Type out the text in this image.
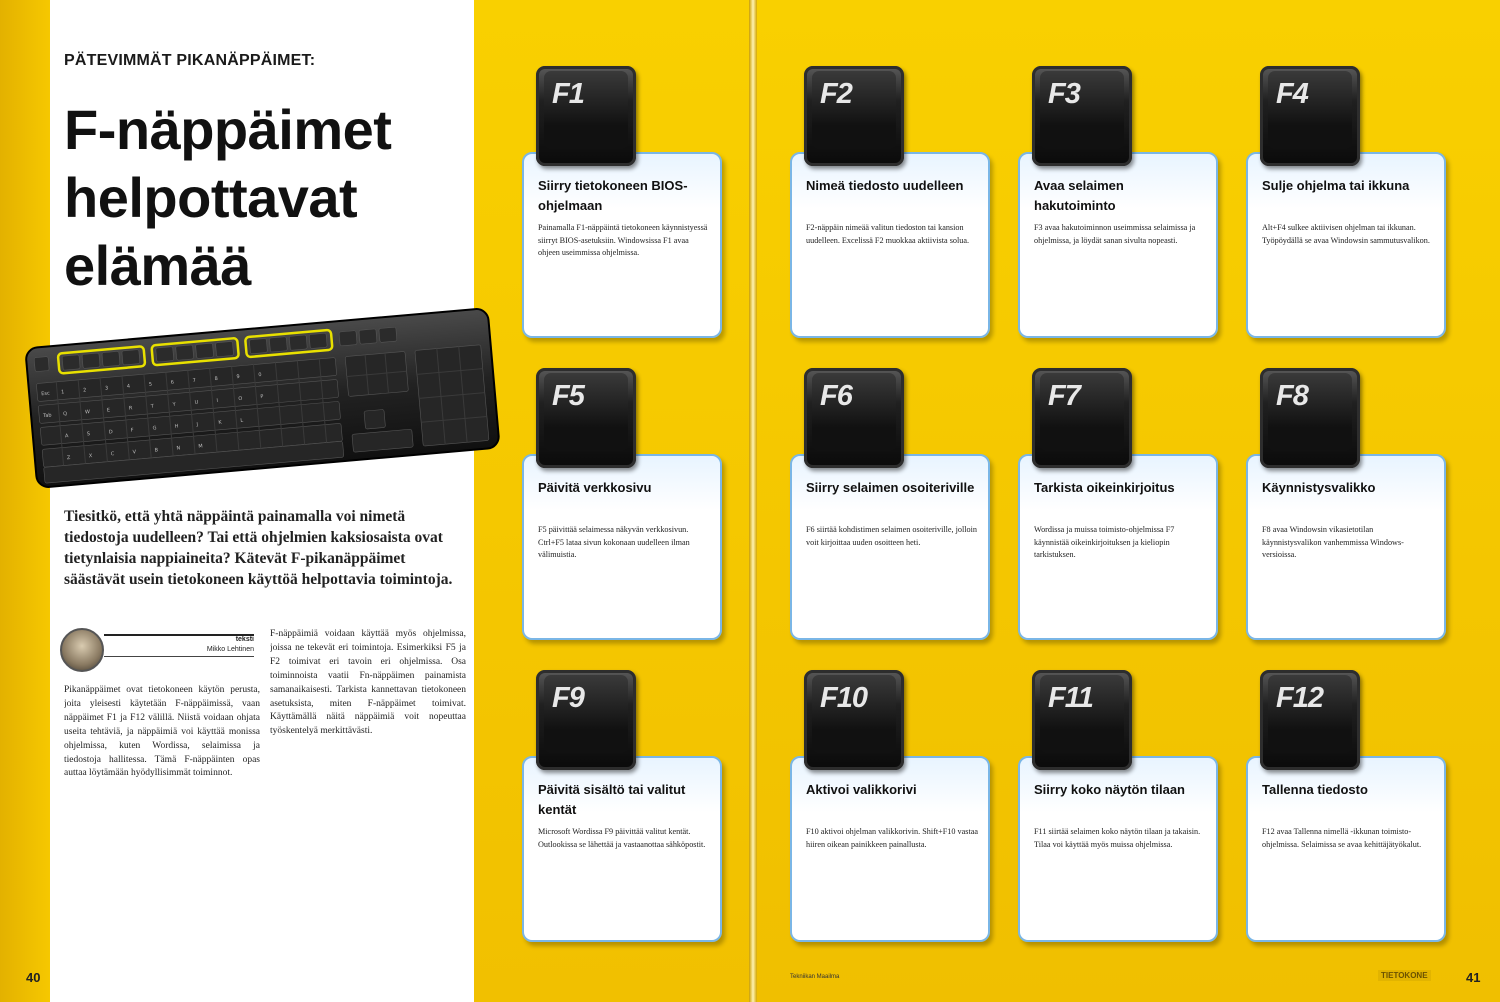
PÄTEVIMMÄT PIKANÄPPÄIMET:
F-näppäimet helpottavat elämää
Esc 1	2	3	4	5	6	7	8	9	0
Tab Q	W	E	R	T	Y	U	I	O	P
A	S	D	F	G	H	J	K	L
Z	X	C	V	B	N	M
Tiesitkö, että yhtä näppäintä painamalla voi nimetä tiedostoja uudelleen? Tai että ohjelmien kaksiosaista ovat tietynlaisia nappiaineita? Kätevät F-pikanäppäimet säästävät usein tietokoneen käyttöä helpottavia toimintoja.
teksti
Mikko Lehtinen
Pikanäppäimet ovat tietokoneen käytön perusta, joita yleisesti käytetään F-näppäimissä, vaan näppäimet F1 ja F12 välillä. Niistä voidaan ohjata useita tehtäviä, ja näppäimiä voi käyttää monissa ohjelmissa, kuten Wordissa, selaimissa ja tiedostoja hallitessa. Tämä F-näppäinten opas auttaa löytämään hyödyllisimmät toiminnot.
F-näppäimiä voidaan käyttää myös ohjelmissa, joissa ne tekevät eri toimintoja. Esimerkiksi F5 ja F2 toimivat eri tavoin eri ohjelmissa. Osa toiminnoista vaatii Fn-näppäimen painamista samanaikaisesti. Tarkista kannettavan tietokoneen asetuksista, miten F-näppäimet toimivat. Käyttämällä näitä näppäimiä voit nopeuttaa työskentelyä merkittävästi.
40	41
Tekniikan Maailma	TIETOKONE
Siirry tietokoneen BIOS-ohjelmaan
Painamalla F1-näppäintä tietokoneen käynnistyessä siirryt BIOS-asetuksiin. Windowsissa F1 avaa ohjeen useimmissa ohjelmissa.
F1
Päivitä verkkosivu
F5 päivittää selaimessa näkyvän verkkosivun. Ctrl+F5 lataa sivun kokonaan uudelleen ilman välimuistia.
F5
Päivitä sisältö tai valitut kentät
Microsoft Wordissa F9 päivittää valitut kentät. Outlookissa se lähettää ja vastaanottaa sähköpostit.
F9
Nimeä tiedosto uudelleen
F2-näppäin nimeää valitun tiedoston tai kansion uudelleen. Excelissä F2 muokkaa aktiivista solua.
F2
Siirry selaimen osoiteriville
F6 siirtää kohdistimen selaimen osoiteriville, jolloin voit kirjoittaa uuden osoitteen heti.
F6
Aktivoi valikkorivi
F10 aktivoi ohjelman valikkorivin. Shift+F10 vastaa hiiren oikean painikkeen painallusta.
F10
Avaa selaimen hakutoiminto
F3 avaa hakutoiminnon useimmissa selaimissa ja ohjelmissa, ja löydät sanan sivulta nopeasti.
F3
Tarkista oikeinkirjoitus
Wordissa ja muissa toimisto-ohjelmissa F7 käynnistää oikeinkirjoituksen ja kieliopin tarkistuksen.
F7
Siirry koko näytön tilaan
F11 siirtää selaimen koko näytön tilaan ja takaisin. Tilaa voi käyttää myös muissa ohjelmissa.
F11
Sulje ohjelma tai ikkuna
Alt+F4 sulkee aktiivisen ohjelman tai ikkunan. Työpöydällä se avaa Windowsin sammutusvalikon.
F4
Käynnistysvalikko
F8 avaa Windowsin vikasietotilan käynnistysvalikon vanhemmissa Windows-versioissa.
F8
Tallenna tiedosto
F12 avaa Tallenna nimellä -ikkunan toimisto-ohjelmissa. Selaimissa se avaa kehittäjätyökalut.
F12
